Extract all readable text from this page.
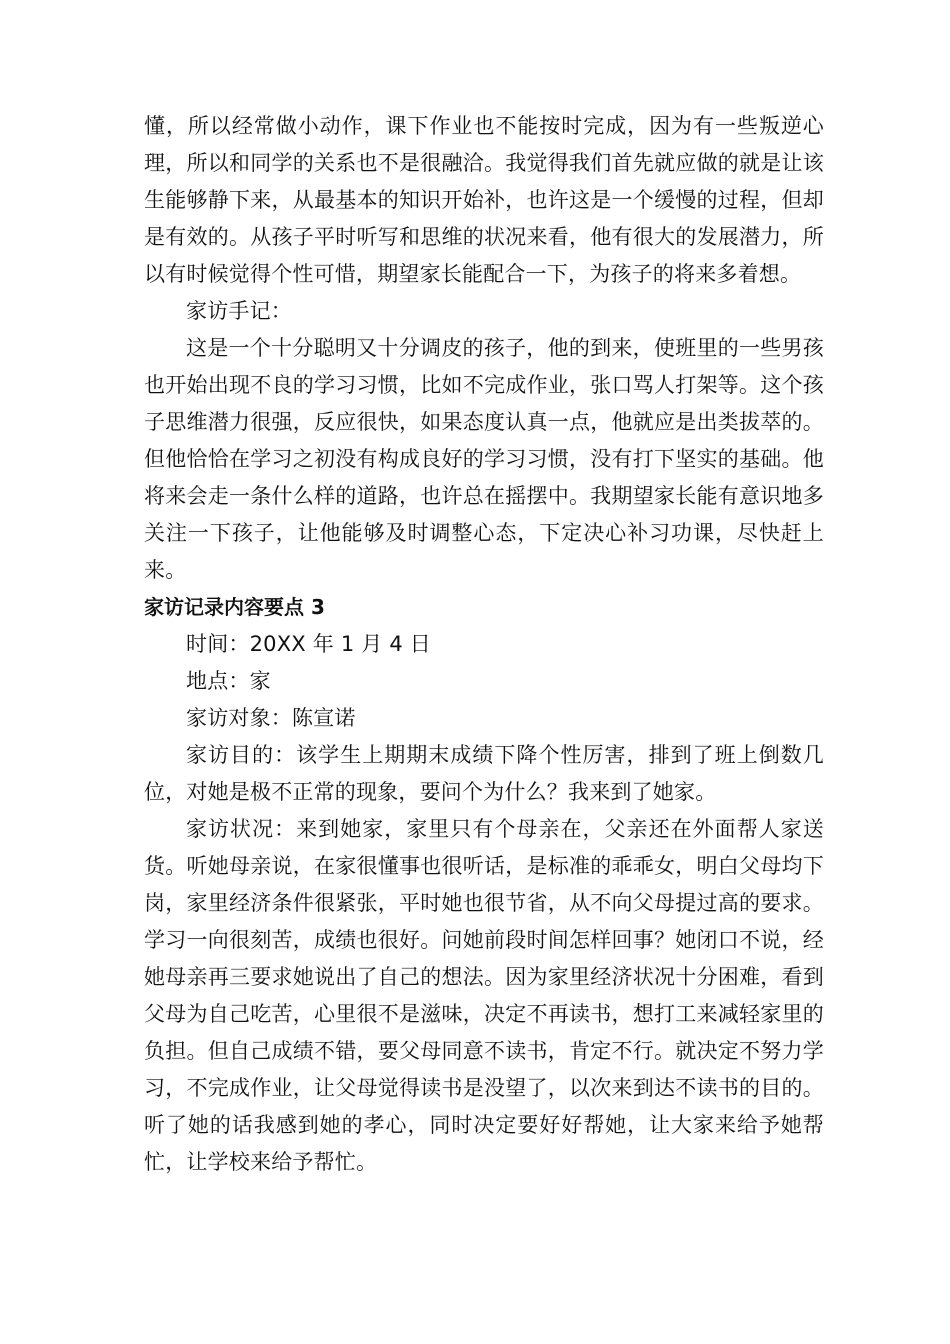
懂，所以经常做小动作，课下作业也不能按时完成，因为有一些叛逆心理，所以和同学的关系也不是很融洽。我觉得我们首先就应做的就是让该生能够静下来，从最基本的知识开始补，也许这是一个缓慢的过程，但却是有效的。从孩子平时听写和思维的状况来看，他有很大的发展潜力，所以有时候觉得个性可惜，期望家长能配合一下，为孩子的将来多着想。

家访手记：

这是一个十分聪明又十分调皮的孩子，他的到来，使班里的一些男孩也开始出现不良的学习习惯，比如不完成作业，张口骂人打架等。这个孩子思维潜力很强，反应很快，如果态度认真一点，他就应是出类拔萃的。但他恰恰在学习之初没有构成良好的学习习惯，没有打下坚实的基础。他将来会走一条什么样的道路，也许总在摇摆中。我期望家长能有意识地多关注一下孩子，让他能够及时调整心态，下定决心补习功课，尽快赶上来。

家访记录内容要点 3

时间：20XX 年 1 月 4 日

地点：家

家访对象：陈宣诺

家访目的：该学生上期期末成绩下降个性厉害，排到了班上倒数几位，对她是极不正常的现象，要问个为什么？我来到了她家。

家访状况：来到她家，家里只有个母亲在，父亲还在外面帮人家送货。听她母亲说，在家很懂事也很听话，是标准的乖乖女，明白父母均下岗，家里经济条件很紧张，平时她也很节省，从不向父母提过高的要求。学习一向很刻苦，成绩也很好。问她前段时间怎样回事？她闭口不说，经她母亲再三要求她说出了自己的想法。因为家里经济状况十分困难，看到父母为自己吃苦，心里很不是滋味，决定不再读书，想打工来减轻家里的负担。但自己成绩不错，要父母同意不读书，肯定不行。就决定不努力学习，不完成作业，让父母觉得读书是没望了，以次来到达不读书的目的。听了她的话我感到她的孝心，同时决定要好好帮她，让大家来给予她帮忙，让学校来给予帮忙。
